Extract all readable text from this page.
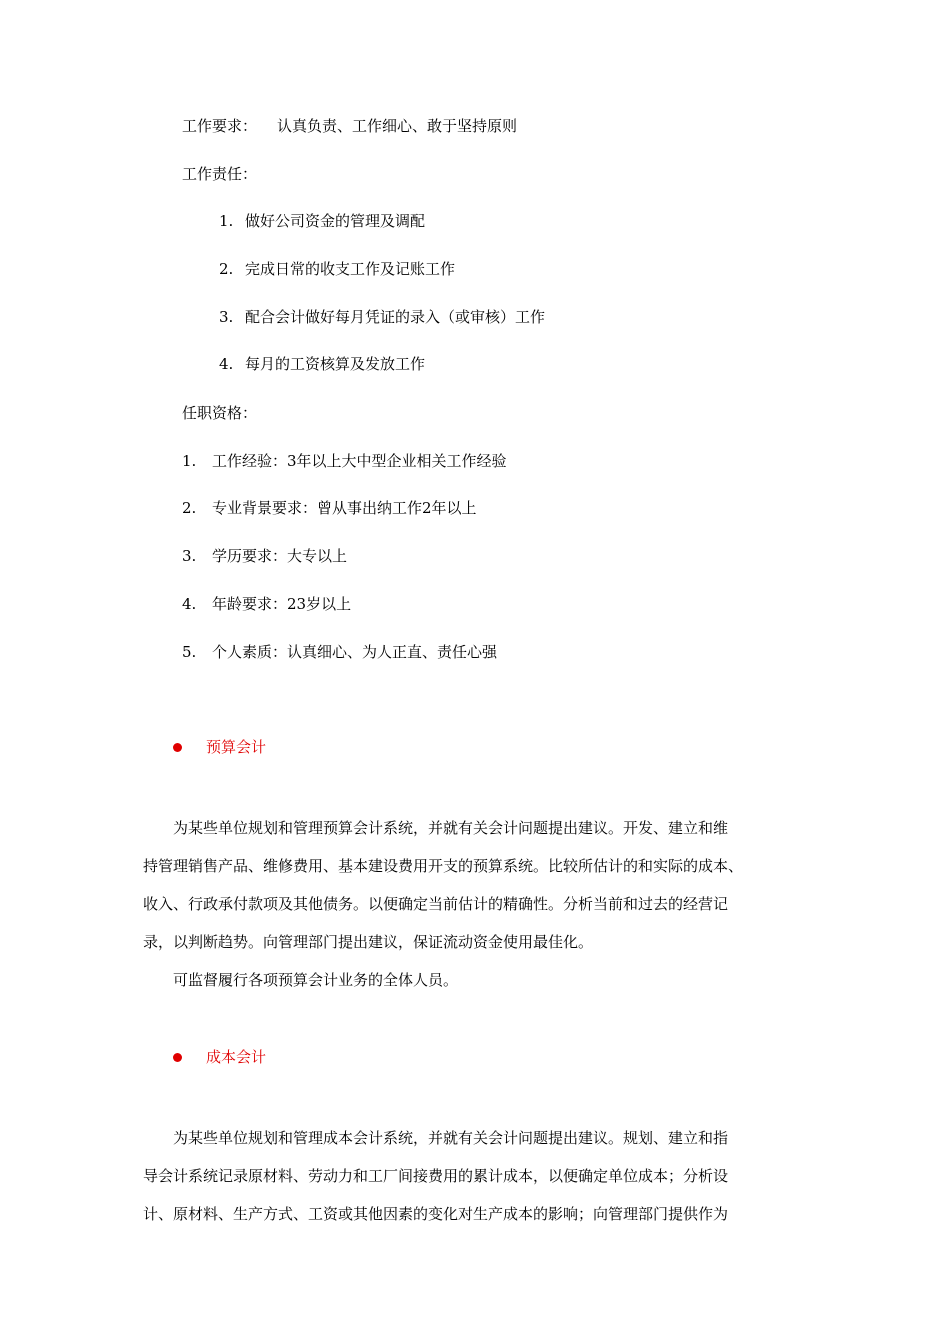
工作要求： 认真负责、工作细心、敢于坚持原则
工作责任：
1. 做好公司资金的管理及调配
2. 完成日常的收支工作及记账工作
3. 配合会计做好每月凭证的录入（或审核）工作
4. 每月的工资核算及发放工作
任职资格：
1. 工作经验：3年以上大中型企业相关工作经验
2. 专业背景要求：曾从事出纳工作2年以上
3. 学历要求：大专以上
4. 年龄要求：23岁以上
5. 个人素质：认真细心、为人正直、责任心强
预算会计
　　为某些单位规划和管理预算会计系统，并就有关会计问题提出建议。开发、建立和维
持管理销售产品、维修费用、基本建设费用开支的预算系统。比较所估计的和实际的成本、
收入、行政承付款项及其他债务。以便确定当前估计的精确性。分析当前和过去的经营记
录，以判断趋势。向管理部门提出建议，保证流动资金使用最佳化。
　　可监督履行各项预算会计业务的全体人员。
成本会计
　　为某些单位规划和管理成本会计系统，并就有关会计问题提出建议。规划、建立和指
导会计系统记录原材料、劳动力和工厂间接费用的累计成本，以便确定单位成本；分析设
计、原材料、生产方式、工资或其他因素的变化对生产成本的影响；向管理部门提供作为
